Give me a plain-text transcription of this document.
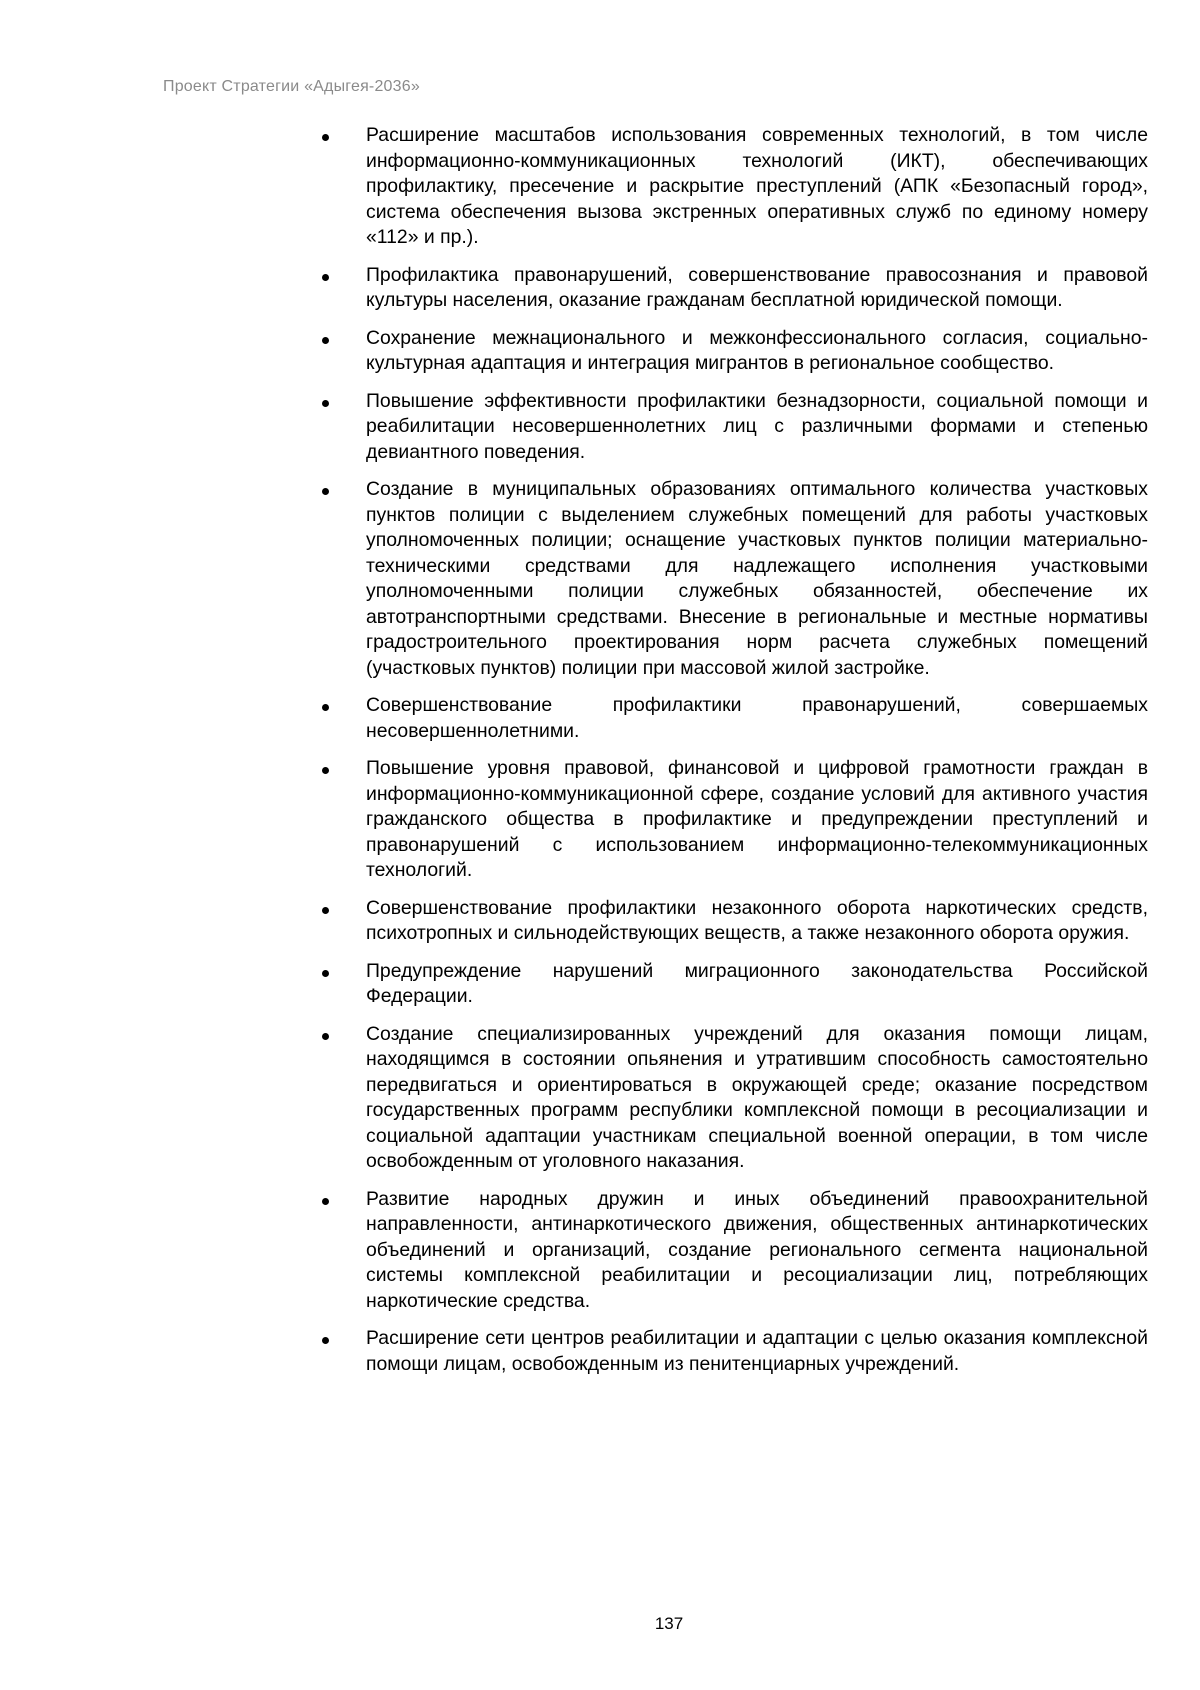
Проект Стратегии «Адыгея-2036»
Расширение масштабов использования современных технологий, в том числе информационно-коммуникационных технологий (ИКТ), обеспечивающих профилактику, пресечение и раскрытие преступлений (АПК «Безопасный город», система обеспечения вызова экстренных оперативных служб по единому номеру «112» и пр.).
Профилактика правонарушений, совершенствование правосознания и правовой культуры населения, оказание гражданам бесплатной юридической помощи.
Сохранение межнационального и межконфессионального согласия, социально-культурная адаптация и интеграция мигрантов в региональное сообщество.
Повышение эффективности профилактики безнадзорности, социальной помощи и реабилитации несовершеннолетних лиц с различными формами и степенью девиантного поведения.
Создание в муниципальных образованиях оптимального количества участковых пунктов полиции с выделением служебных помещений для работы участковых уполномоченных полиции; оснащение участковых пунктов полиции материально-техническими средствами для надлежащего исполнения участковыми уполномоченными полиции служебных обязанностей, обеспечение их автотранспортными средствами. Внесение в региональные и местные нормативы градостроительного проектирования норм расчета служебных помещений (участковых пунктов) полиции при массовой жилой застройке.
Совершенствование профилактики правонарушений, совершаемых несовершеннолетними.
Повышение уровня правовой, финансовой и цифровой грамотности граждан в информационно-коммуникационной сфере, создание условий для активного участия гражданского общества в профилактике и предупреждении преступлений и правонарушений с использованием информационно-телекоммуникационных технологий.
Совершенствование профилактики незаконного оборота наркотических средств, психотропных и сильнодействующих веществ, а также незаконного оборота оружия.
Предупреждение нарушений миграционного законодательства Российской Федерации.
Создание специализированных учреждений для оказания помощи лицам, находящимся в состоянии опьянения и утратившим способность самостоятельно передвигаться и ориентироваться в окружающей среде; оказание посредством государственных программ республики комплексной помощи в ресоциализации и социальной адаптации участникам специальной военной операции, в том числе освобожденным от уголовного наказания.
Развитие народных дружин и иных объединений правоохранительной направленности, антинаркотического движения, общественных антинаркотических объединений и организаций, создание регионального сегмента национальной системы комплексной реабилитации и ресоциализации лиц, потребляющих наркотические средства.
Расширение сети центров реабилитации и адаптации с целью оказания комплексной помощи лицам, освобожденным из пенитенциарных учреждений.
137
